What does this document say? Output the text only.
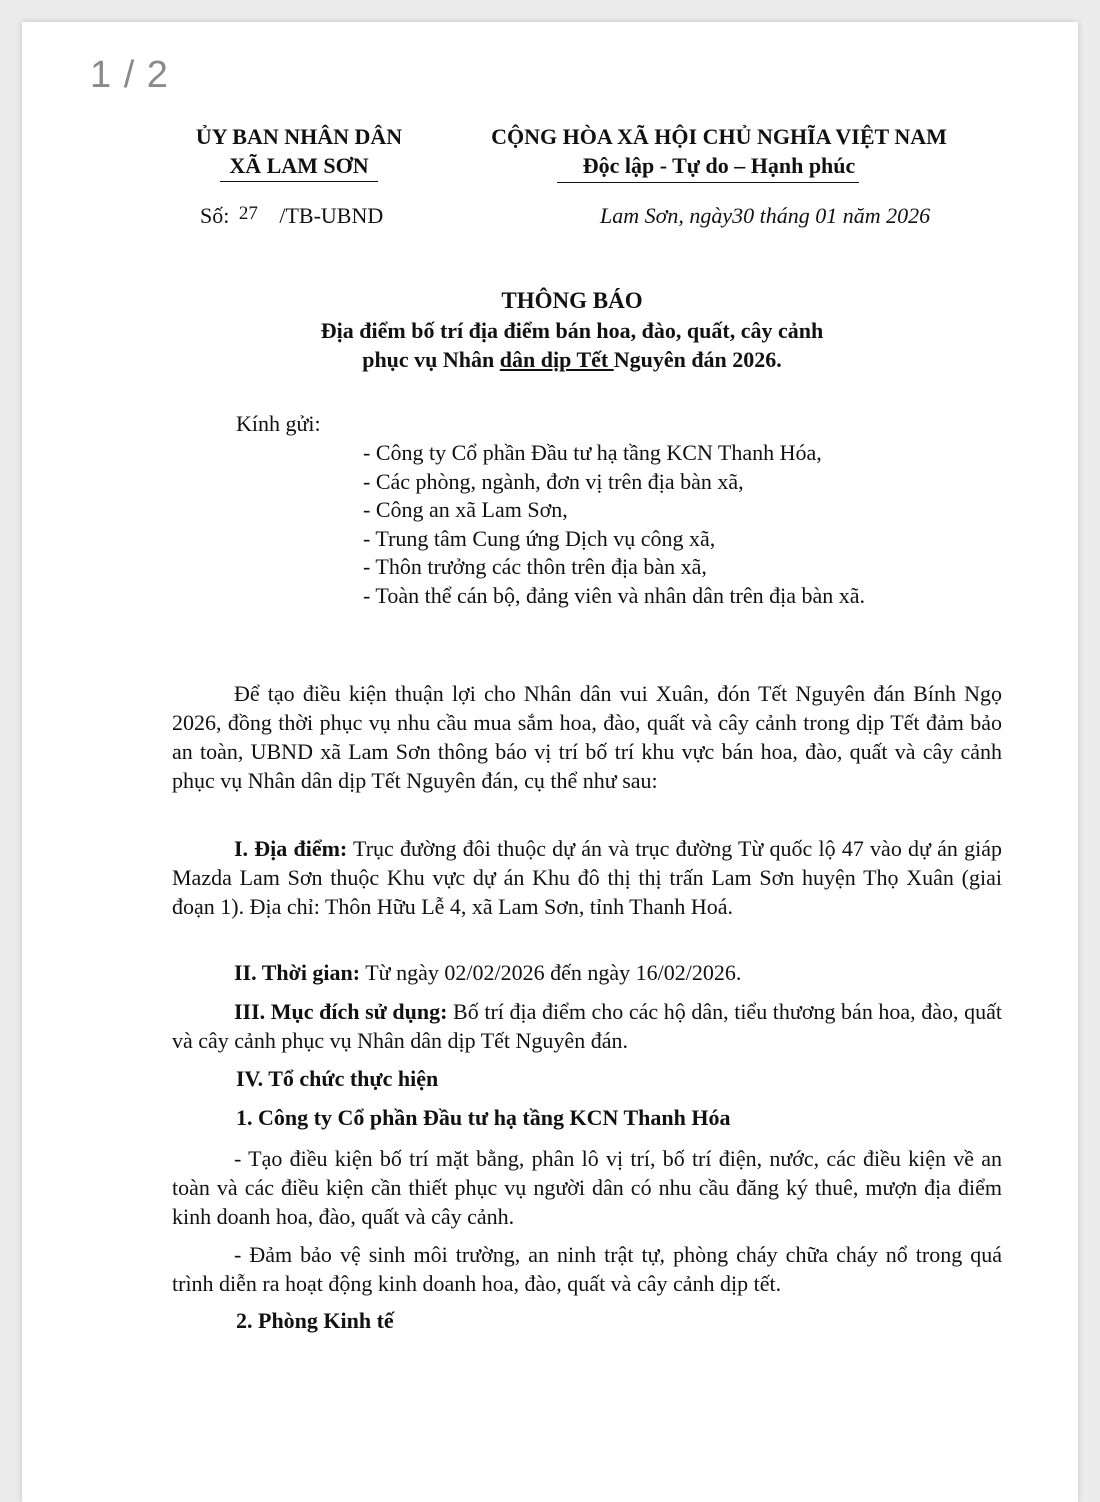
1 / 2
ỦY BAN NHÂN DÂN
XÃ LAM SƠN
CỘNG HÒA XÃ HỘI CHỦ NGHĨA VIỆT NAM
Độc lập - Tự do – Hạnh phúc
Số: 27 /TB-UBND	Lam Sơn, ngày30 tháng 01 năm 2026
THÔNG BÁO
Địa điểm bố trí địa điểm bán hoa, đào, quất, cây cảnh
phục vụ Nhân dân dịp Tết Nguyên đán 2026.
Kính gửi:
- Công ty Cổ phần Đầu tư hạ tầng KCN Thanh Hóa,
- Các phòng, ngành, đơn vị trên địa bàn xã,
- Công an xã Lam Sơn,
- Trung tâm Cung ứng Dịch vụ công xã,
- Thôn trưởng các thôn trên địa bàn xã,
- Toàn thể cán bộ, đảng viên và nhân dân trên địa bàn xã.
Để tạo điều kiện thuận lợi cho Nhân dân vui Xuân, đón Tết Nguyên đán Bính Ngọ 2026, đồng thời phục vụ nhu cầu mua sắm hoa, đào, quất và cây cảnh trong dịp Tết đảm bảo an toàn, UBND xã Lam Sơn thông báo vị trí bố trí khu vực bán hoa, đào, quất và cây cảnh phục vụ Nhân dân dịp Tết Nguyên đán, cụ thể như sau:
I. Địa điểm: Trục đường đôi thuộc dự án và trục đường Từ quốc lộ 47 vào dự án giáp Mazda Lam Sơn thuộc Khu vực dự án Khu đô thị thị trấn Lam Sơn huyện Thọ Xuân (giai đoạn 1). Địa chỉ: Thôn Hữu Lễ 4, xã Lam Sơn, tỉnh Thanh Hoá.
II. Thời gian: Từ ngày 02/02/2026 đến ngày 16/02/2026.
III. Mục đích sử dụng: Bố trí địa điểm cho các hộ dân, tiểu thương bán hoa, đào, quất và cây cảnh phục vụ Nhân dân dịp Tết Nguyên đán.
IV. Tổ chức thực hiện
1. Công ty Cổ phần Đầu tư hạ tầng KCN Thanh Hóa
- Tạo điều kiện bố trí mặt bằng, phân lô vị trí, bố trí điện, nước, các điều kiện về an toàn và các điều kiện cần thiết phục vụ người dân có nhu cầu đăng ký thuê, mượn địa điểm kinh doanh hoa, đào, quất và cây cảnh.
- Đảm bảo vệ sinh môi trường, an ninh trật tự, phòng cháy chữa cháy nổ trong quá trình diễn ra hoạt động kinh doanh hoa, đào, quất và cây cảnh dịp tết.
2. Phòng Kinh tế
